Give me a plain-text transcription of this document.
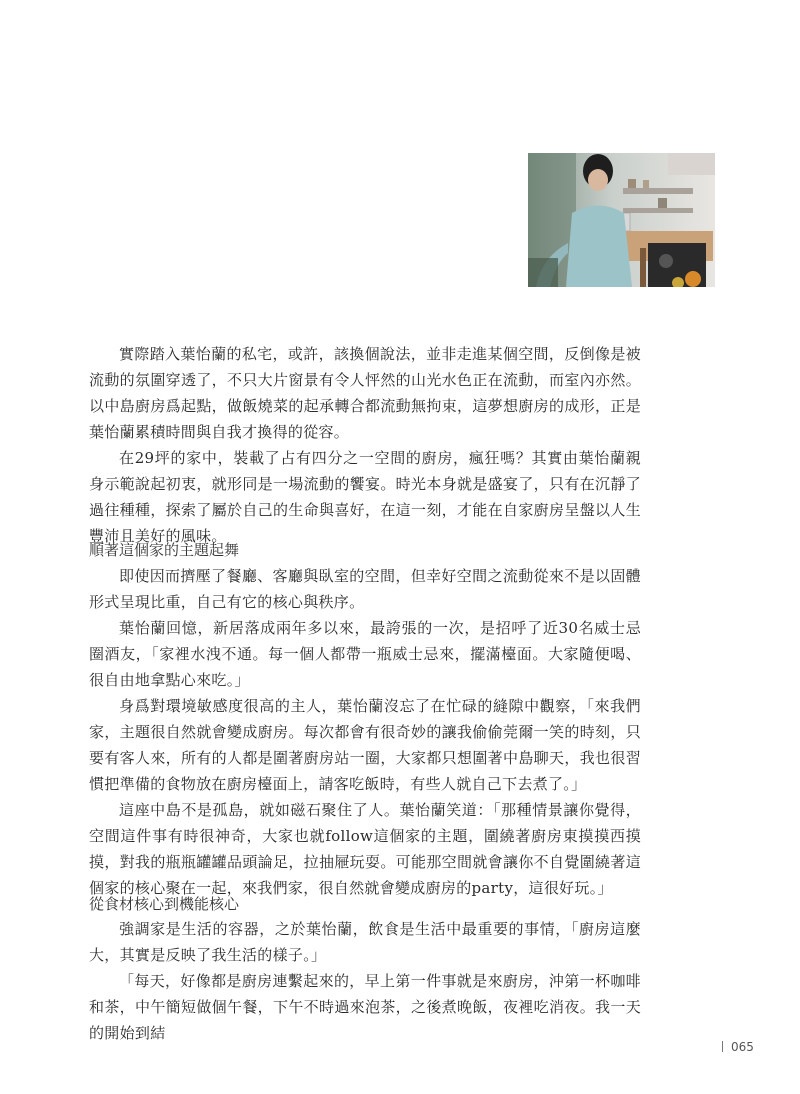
實際踏入葉怡蘭的私宅，或許，該換個說法，並非走進某個空間，反倒像是被流動的氛圍穿透了，不只大片窗景有令人怦然的山光水色正在流動，而室內亦然。以中島廚房爲起點，做飯燒菜的起承轉合都流動無拘束，這夢想廚房的成形，正是葉怡蘭累積時間與自我才換得的從容。

在29坪的家中，裝載了占有四分之一空間的廚房，瘋狂嗎？其實由葉怡蘭親身示範說起初衷，就形同是一場流動的饗宴。時光本身就是盛宴了，只有在沉靜了過往種種，探索了屬於自己的生命與喜好，在這一刻，才能在自家廚房呈盤以人生豐沛且美好的風味。

順著這個家的主題起舞

即使因而擠壓了餐廳、客廳與臥室的空間，但幸好空間之流動從來不是以固體形式呈現比重，自己有它的核心與秩序。

葉怡蘭回憶，新居落成兩年多以來，最誇張的一次，是招呼了近30名威士忌圈酒友，「家裡水洩不通。每一個人都帶一瓶威士忌來，擺滿檯面。大家隨便喝、很自由地拿點心來吃。」

身爲對環境敏感度很高的主人，葉怡蘭沒忘了在忙碌的縫隙中觀察，「來我們家，主題很自然就會變成廚房。每次都會有很奇妙的讓我偷偷莞爾一笑的時刻，只要有客人來，所有的人都是圍著廚房站一圈，大家都只想圍著中島聊天，我也很習慣把準備的食物放在廚房檯面上，請客吃飯時，有些人就自己下去煮了。」

這座中島不是孤島，就如磁石聚住了人。葉怡蘭笑道：「那種情景讓你覺得，空間這件事有時很神奇，大家也就follow這個家的主題，圍繞著廚房東摸摸西摸摸，對我的瓶瓶罐罐品頭論足，拉抽屜玩耍。可能那空間就會讓你不自覺圍繞著這個家的核心聚在一起，來我們家，很自然就會變成廚房的party，這很好玩。」

從食材核心到機能核心

強調家是生活的容器，之於葉怡蘭，飲食是生活中最重要的事情，「廚房這麼大，其實是反映了我生活的樣子。」

「每天，好像都是廚房連繫起來的，早上第一件事就是來廚房，沖第一杯咖啡和茶，中午簡短做個午餐，下午不時過來泡茶，之後煮晚飯，夜裡吃消夜。我一天的開始到結

065
